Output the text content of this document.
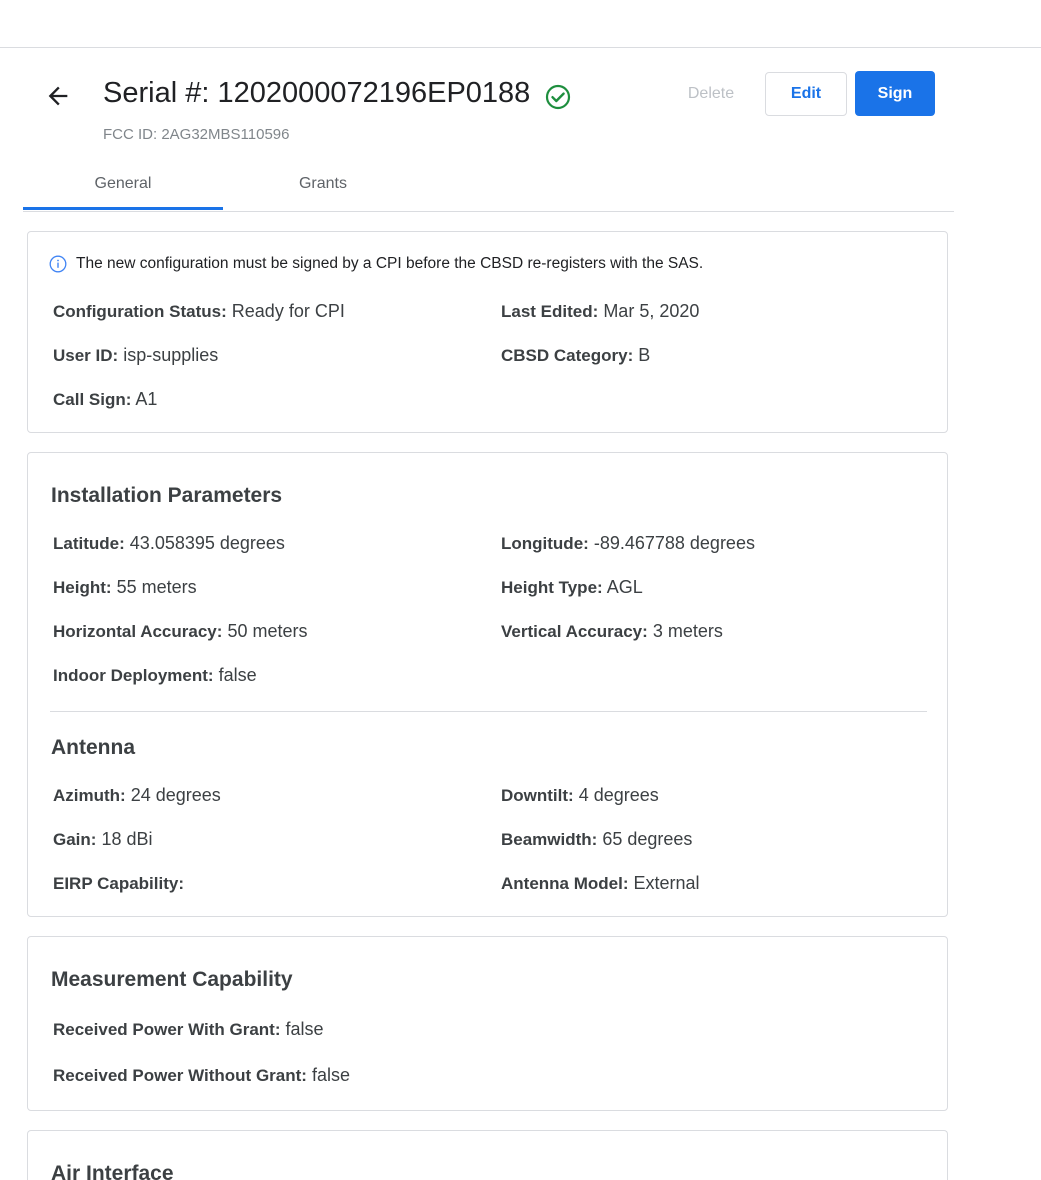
Serial #: 1202000072196EP0188
FCC ID: 2AG32MBS110596
Delete	Edit	Sign
General	Grants
The new configuration must be signed by a CPI before the CBSD re-registers with the SAS.
Configuration Status: Ready for CPI	Last Edited: Mar 5, 2020
User ID: isp-supplies	CBSD Category: B
Call Sign: A1
Installation Parameters
Latitude: 43.058395 degrees	Longitude: -89.467788 degrees
Height: 55 meters	Height Type: AGL
Horizontal Accuracy: 50 meters	Vertical Accuracy: 3 meters
Indoor Deployment: false
Antenna
Azimuth: 24 degrees	Downtilt: 4 degrees
Gain: 18 dBi	Beamwidth: 65 degrees
EIRP Capability:	Antenna Model: External
Measurement Capability
Received Power With Grant: false
Received Power Without Grant: false
Air Interface
